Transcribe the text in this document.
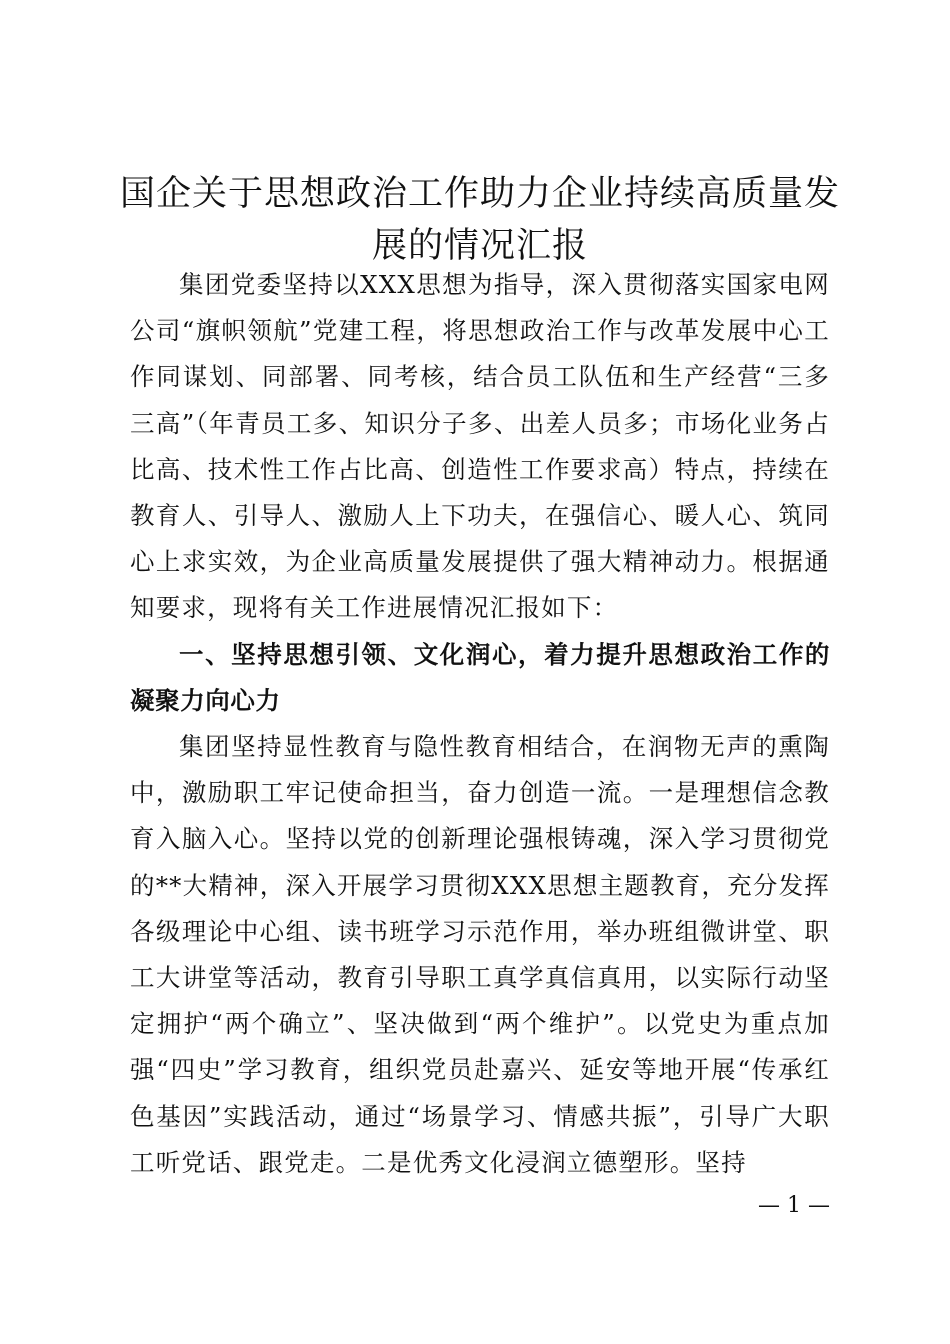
国企关于思想政治工作助力企业持续高质量发展的情况汇报

集团党委坚持以XXX思想为指导，深入贯彻落实国家电网公司“旗帜领航”党建工程，将思想政治工作与改革发展中心工作同谋划、同部署、同考核，结合员工队伍和生产经营“三多三高”（年青员工多、知识分子多、出差人员多；市场化业务占比高、技术性工作占比高、创造性工作要求高）特点，持续在教育人、引导人、激励人上下功夫，在强信心、暖人心、筑同心上求实效，为企业高质量发展提供了强大精神动力。根据通知要求，现将有关工作进展情况汇报如下：

一、坚持思想引领、文化润心，着力提升思想政治工作的凝聚力向心力

集团坚持显性教育与隐性教育相结合，在润物无声的熏陶中，激励职工牢记使命担当，奋力创造一流。一是理想信念教育入脑入心。坚持以党的创新理论强根铸魂，深入学习贯彻党的**大精神，深入开展学习贯彻XXX思想主题教育，充分发挥各级理论中心组、读书班学习示范作用，举办班组微讲堂、职工大讲堂等活动，教育引导职工真学真信真用，以实际行动坚定拥护“两个确立”、坚决做到“两个维护”。以党史为重点加强“四史”学习教育，组织党员赴嘉兴、延安等地开展“传承红色基因”实践活动，通过“场景学习、情感共振”，引导广大职工听党话、跟党走。二是优秀文化浸润立德塑形。坚持

— 1 —
